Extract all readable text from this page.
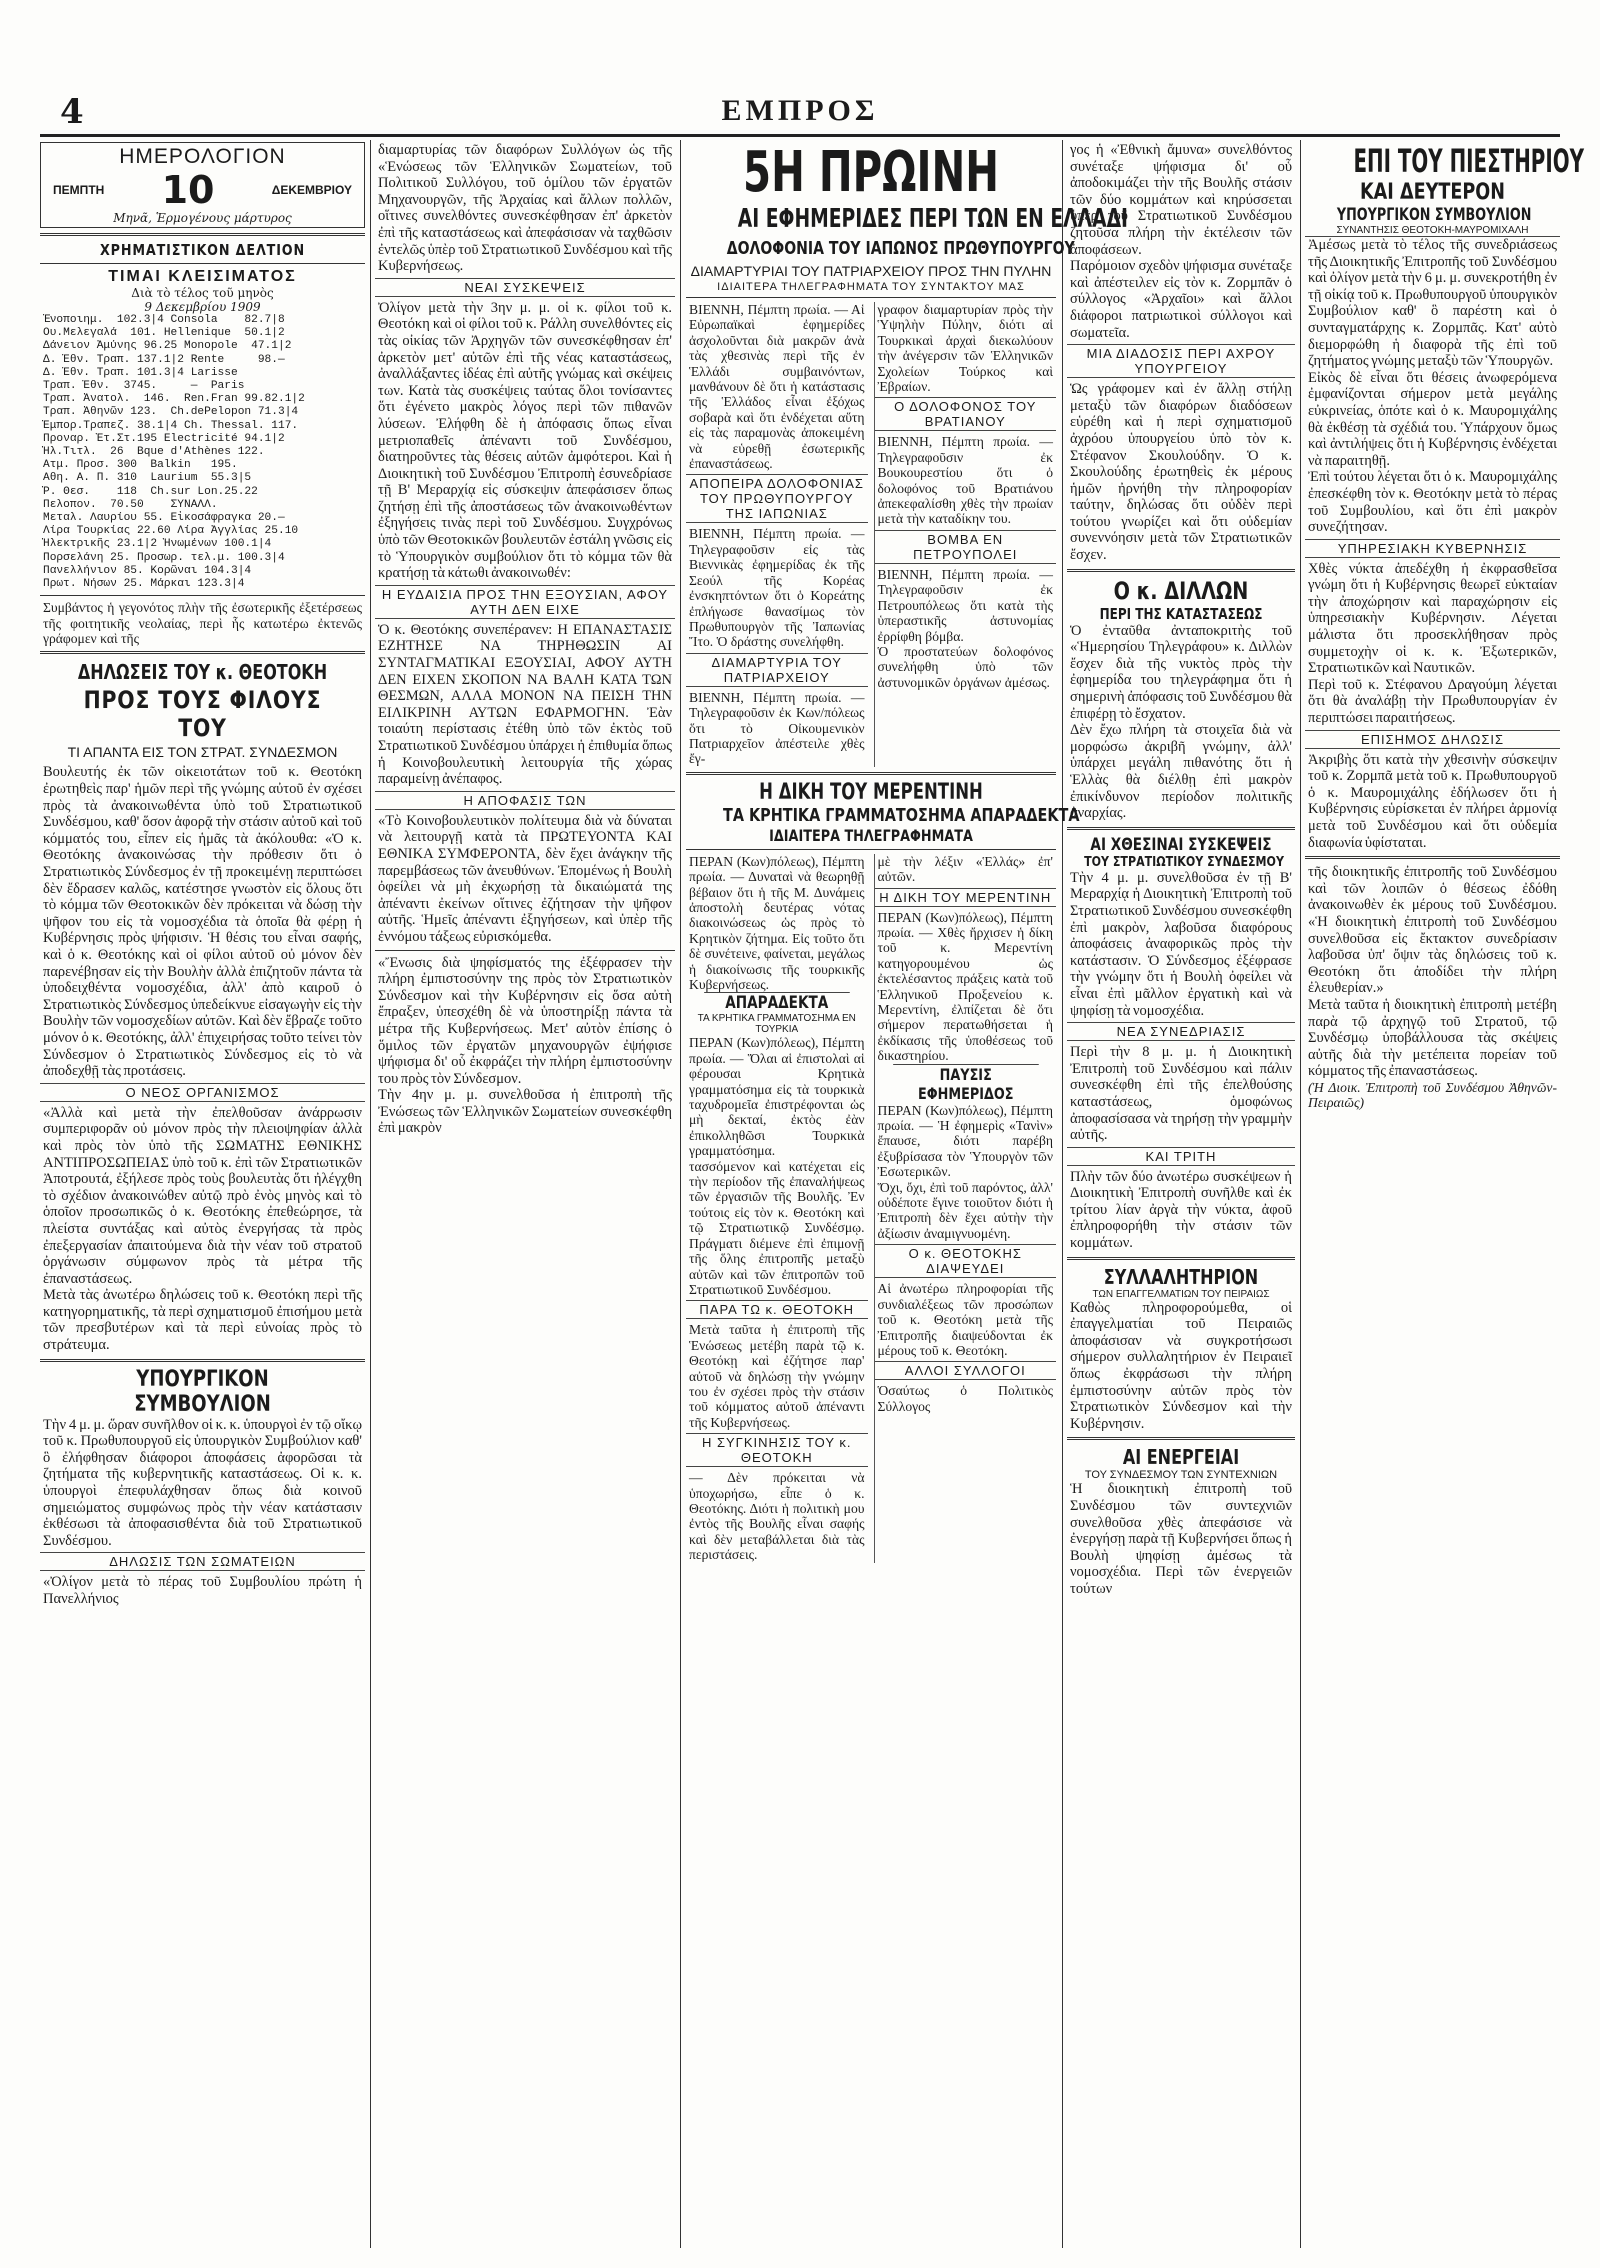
4	ΕΜΠΡΟΣ
ΗΜΕΡΟΛΟΓΙΟΝ
ΠΕΜΠΤΗ 10	ΔΕΚΕΜΒΡΙΟΥ
Μηνᾶ, Ἑρμογένους μάρτυρος
ΧΡΗΜΑΤΙΣΤΙΚΟΝ ΔΕΛΤΙΟΝ
ΤΙΜΑΙ ΚΛΕΙΣΙΜΑΤΟΣ
Διὰ τὸ τέλος τοῦ μηνὸς
9 Δεκεμβρίου 1909
Ἑνοποιημ.  102.3|4 Consola    82.7|8
Ου.Μελεγαλά  101. Hellenique  50.1|2
Δάνειον Ἀμύνης 96.25 Monopole  47.1|2
Δ. Ἐθν. Τραπ. 137.1|2 Rente     98.—
Δ. Ἐθν. Τραπ. 101.3|4 Larisse
Τραπ. Ἐθν.  3745.     —  Paris
Τραπ. Ἀνατολ.  146.  Ren.Fran 99.82.1|2
Τραπ. Ἀθηνῶν 123.  Ch.dePelopon 71.3|4
Ἐμπορ.Τραπεζ. 38.1|4 Ch. Thessal. 117.
Προναρ. Ἐτ.Στ.195 Electricité 94.1|2
Ἡλ.Τιτλ.  26  Bque d'Athènes 122.
Ατμ. Προσ. 300  Balkin   195.
Αθη. Α. Π. 310  Laurium  55.3|5
Ῥ. Θεσ.    118  Ch.sur Lon.25.22
Πελοπον.  70.50    ΣΥΝΑΛΛ.
Μεταλ. Λαυρίου 55. Εἰκοσάφραγκα 20.—
Λίρα Τουρκίας 22.60 Λίρα Ἀγγλίας 25.10
Ἡλεκτρικῆς 23.1|2 Ἡνωμένων 100.1|4
Πορσελάνη 25. Προσωρ. τελ.μ. 100.3|4
Πανελλήνιον 85. Κορῶναι 104.3|4
Πρωτ. Νήσων 25. Μάρκαι 123.3|4

Συμβάντος ἡ γεγονότος πλὴν τῆς ἐσωτερικῆς ἐξετέρσεως τῆς φοιτητικῆς νεολαίας, περὶ ἧς κατωτέρω ἐκτενῶς γράφομεν καὶ τῆς

ΔΗΛΩΣΕΙΣ ΤΟΥ κ. ΘΕΟΤΟΚΗ
ΠΡΟΣ ΤΟΥΣ ΦΙΛΟΥΣ ΤΟΥ
ΤΙ ΑΠΑΝΤΑ ΕΙΣ ΤΟΝ ΣΤΡΑΤ. ΣΥΝΔΕΣΜΟΝ

Βουλευτής ἐκ τῶν οἰκειοτάτων τοῦ κ. Θεοτόκη ἐρωτηθεὶς παρ' ἡμῶν περὶ τῆς γνώμης αὐτοῦ ἐν σχέσει πρὸς τὰ ἀνακοινωθέντα ὑπὸ τοῦ Στρατιωτικοῦ Συνδέσμου, καθ' ὅσον ἀφορᾷ τὴν στάσιν αὐτοῦ καὶ τοῦ κόμματός του, εἶπεν εἰς ἡμᾶς τὰ ἀκόλουθα: «Ὁ κ. Θεοτόκης ἀνακοινώσας τὴν πρόθεσιν ὅτι ὁ Στρατιωτικὸς Σύνδεσμος ἐν τῇ προκειμένῃ περιπτώσει δὲν ἔδρασεν καλῶς, κατέστησε γνωστὸν εἰς ὅλους ὅτι τὸ κόμμα τῶν Θεοτοκικῶν δὲν πρόκειται νὰ δώσῃ τὴν ψῆφον του εἰς τὰ νομοσχέδια τὰ ὁποῖα θὰ φέρῃ ἡ Κυβέρνησις πρὸς ψήφισιν. Ἡ θέσις του εἶναι σαφής, καὶ ὁ κ. Θεοτόκης καὶ οἱ φίλοι αὐτοῦ οὐ μόνον δὲν παρενέβησαν εἰς τὴν Βουλὴν ἀλλὰ ἐπιζητοῦν πάντα τὰ ὑποδειχθέντα νομοσχέδια, ἀλλ' ἀπὸ καιροῦ ὁ Στρατιωτικὸς Σύνδεσμος ὑπεδείκνυε εἰσαγωγὴν εἰς τὴν Βουλὴν τῶν νομοσχεδίων αὐτῶν. Καὶ δὲν ἔβραζε τοῦτο μόνον ὁ κ. Θεοτόκης, ἀλλ' ἐπιχειρήσας τοῦτο τείνει τὸν Σύνδεσμον ὁ Στρατιωτικὸς Σύνδεσμος εἰς τὸ νὰ ἀποδεχθῇ τὰς προτάσεις.

Ο ΝΕΟΣ ΟΡΓΑΝΙΣΜΟΣ

«Ἀλλὰ καὶ μετὰ τὴν ἐπελθοῦσαν ἀνάρρωσιν συμπεριφορᾶν οὐ μόνον πρὸς τὴν πλειοψηφίαν ἀλλὰ καὶ πρὸς τὸν ὑπὸ τῆς ΣΩΜΑΤΗΣ ΕΘΝΙΚΗΣ ΑΝΤΙΠΡΟΣΩΠΕΙΑΣ ὑπὸ τοῦ κ. ἐπὶ τῶν Στρατιωτικῶν Ἀποτρουτά, ἐξήλεσε πρὸς τοὺς βουλευτὰς ὅτι ἠλέγχθη τὸ σχέδιον ἀνακοινώθεν αὐτῷ πρὸ ἐνὸς μηνὸς καὶ τὸ ὁποῖον προσωπικῶς ὁ κ. Θεοτόκης ἐπεθεώρησε, τὰ πλείστα συντάξας καὶ αὐτὸς ἐνεργήσας τὰ πρὸς ἐπεξεργασίαν ἀπαιτούμενα διὰ τὴν νέαν τοῦ στρατοῦ ὀργάνωσιν σύμφωνον πρὸς τὰ μέτρα τῆς ἐπαναστάσεως.

Μετὰ τὰς ἀνωτέρω δηλώσεις τοῦ κ. Θεοτόκη περὶ τῆς κατηγορηματικῆς, τὰ περὶ σχηματισμοῦ ἐπισήμου μετὰ τῶν πρεσβυτέρων καὶ τὰ περὶ εὐνοίας πρὸς τὸ στράτευμα.

ΥΠΟΥΡΓΙΚΟΝ ΣΥΜΒΟΥΛΙΟΝ

Τὴν 4 μ. μ. ὥραν συνῆλθον οἱ κ. κ. ὑπουργοὶ ἐν τῷ οἴκῳ τοῦ κ. Πρωθυπουργοῦ εἰς ὑπουργικὸν Συμβούλιον καθ' ὃ ἐλήφθησαν διάφοροι ἀποφάσεις ἀφορῶσαι τὰ ζητήματα τῆς κυβερνητικῆς καταστάσεως. Οἱ κ. κ. ὑπουργοὶ ἐπεφυλάχθησαν ὅπως διὰ κοινοῦ σημειώματος συμφώνως πρὸς τὴν νέαν κατάστασιν ἐκθέσωσι τὰ ἀποφασισθέντα διὰ τοῦ Στρατιωτικοῦ Συνδέσμου.

ΔΗΛΩΣΙΣ ΤΩΝ ΣΩΜΑΤΕΙΩΝ

«Ὀλίγον μετὰ τὸ πέρας τοῦ Συμβουλίου πρώτη ἡ Πανελλήνιος

διαμαρτυρίας τῶν διαφόρων Συλλόγων ὡς τῆς «Ἑνώσεως τῶν Ἑλληνικῶν Σωματείων, τοῦ Πολιτικοῦ Συλλόγου, τοῦ ὁμίλου τῶν ἐργατῶν Μηχανουργῶν, τῆς Ἀρχαίας καὶ ἄλλων πολλῶν, οἵτινες συνελθόντες συνεσκέφθησαν ἐπ' ἀρκετὸν ἐπὶ τῆς καταστάσεως καὶ ἀπεφάσισαν νὰ ταχθῶσιν ἐντελῶς ὑπὲρ τοῦ Στρατιωτικοῦ Συνδέσμου καὶ τῆς Κυβερνήσεως.

ΝΕΑΙ ΣΥΣΚΕΨΕΙΣ

Ὀλίγον μετὰ τὴν 3ην μ. μ. οἱ κ. φίλοι τοῦ κ. Θεοτόκη καὶ οἱ φίλοι τοῦ κ. Ράλλη συνελθόντες εἰς τὰς οἰκίας τῶν Ἀρχηγῶν τῶν συνεσκέφθησαν ἐπ' ἀρκετὸν μετ' αὐτῶν ἐπὶ τῆς νέας καταστάσεως, ἀναλλάξαντες ἰδέας ἐπὶ αὐτῆς γνώμας καὶ σκέψεις των. Κατὰ τὰς συσκέψεις ταύτας ὅλοι τονίσαντες ὅτι ἐγένετο μακρὸς λόγος περὶ τῶν πιθανῶν λύσεων. Ἐλήφθη δὲ ἡ ἀπόφασις ὅπως εἶναι μετριοπαθεῖς ἀπέναντι τοῦ Συνδέσμου, διατηροῦντες τὰς θέσεις αὐτῶν ἀμφότεροι. Καὶ ἡ Διοικητικὴ τοῦ Συνδέσμου Ἐπιτροπὴ ἐσυνεδρίασε τῇ Β' Μεραρχίᾳ εἰς σύσκεψιν ἀπεφάσισεν ὅπως ζητήσῃ ἐπὶ τῆς ἀποστάσεως τῶν ἀνακοινωθέντων ἐξηγήσεις τινὰς περὶ τοῦ Συνδέσμου. Συγχρόνως ὑπὸ τῶν Θεοτοκικῶν βουλευτῶν ἐστάλη γνῶσις εἰς τὸ Ὑπουργικὸν συμβούλιον ὅτι τὸ κόμμα τῶν θὰ κρατήσῃ τὰ κάτωθι ἀνακοινωθέν:

Η ΕΥΔΑΙΣΙΑ ΠΡΟΣ ΤΗΝ ΕΞΟΥΣΙΑΝ, ΑΦΟΥ ΑΥΤΗ ΔΕΝ ΕΙΧΕ

Ὁ κ. Θεοτόκης συνεπέρανεν: Η ΕΠΑΝΑΣΤΑΣΙΣ ΕΖΗΤΗΣΕ ΝΑ ΤΗΡΗΘΩΣΙΝ ΑΙ ΣΥΝΤΑΓΜΑΤΙΚΑΙ ΕΞΟΥΣΙΑΙ, ΑΦΟΥ ΑΥΤΗ ΔΕΝ ΕΙΧΕΝ ΣΚΟΠΟΝ ΝΑ ΒΑΛΗ ΚΑΤΑ ΤΩΝ ΘΕΣΜΩΝ, ΑΛΛΑ ΜΟΝΟΝ ΝΑ ΠΕΙΣΗ ΤΗΝ ΕΙΛΙΚΡΙΝΗ ΑΥΤΩΝ ΕΦΑΡΜΟΓΗΝ. Ἐὰν τοιαύτη περίστασις ἐτέθη ὑπὸ τῶν ἐκτὸς τοῦ Στρατιωτικοῦ Συνδέσμου ὑπάρχει ἡ ἐπιθυμία ὅπως ἡ Κοινοβουλευτικὴ λειτουργία τῆς χώρας παραμείνῃ ἀνέπαφος.

Η ΑΠΟΦΑΣΙΣ ΤΩΝ

«Τὸ Κοινοβουλευτικὸν πολίτευμα διὰ νὰ δύναται νὰ λειτουργῇ κατὰ τὰ ΠΡΩΤΕΥΟΝΤΑ ΚΑΙ ΕΘΝΙΚΑ ΣΥΜΦΕΡΟΝΤΑ, δὲν ἔχει ἀνάγκην τῆς παρεμβάσεως τῶν ἀνευθύνων. Ἐπομένως ἡ Βουλὴ ὀφείλει νὰ μὴ ἐκχωρήσῃ τὰ δικαιώματά της ἀπέναντι ἐκείνων οἵτινες ἐζήτησαν τὴν ψῆφον αὐτῆς. Ἡμεῖς ἀπέναντι ἐξηγήσεων, καὶ ὑπὲρ τῆς ἐννόμου τάξεως εὐρισκόμεθα.

«Ἔνωσις διὰ ψηφίσματός της ἐξέφρασεν τὴν πλήρη ἐμπιστοσύνην της πρὸς τὸν Στρατιωτικὸν Σύνδεσμον καὶ τὴν Κυβέρνησιν εἰς ὅσα αὐτὴ ἔπραξεν, ὑπεσχέθη δὲ νὰ ὑποστηρίξῃ πάντα τὰ μέτρα τῆς Κυβερνήσεως. Μετ' αὐτὸν ἐπίσης ὁ ὅμιλος τῶν ἐργατῶν μηχανουργῶν ἐψήφισε ψήφισμα δι' οὗ ἐκφράζει τὴν πλήρη ἐμπιστοσύνην του πρὸς τὸν Σύνδεσμον.

Τὴν 4ην μ. μ. συνελθοῦσα ἡ ἐπιτροπὴ τῆς Ἐνώσεως τῶν Ἑλληνικῶν Σωματείων συνεσκέφθη ἐπὶ μακρὸν

5Η ΠΡΩΙΝΗ
ΑΙ ΕΦΗΜΕΡΙΔΕΣ ΠΕΡΙ ΤΩΝ ΕΝ ΕΛΛΑΔΙ
ΔΟΛΟΦΟΝΙΑ ΤΟΥ ΙΑΠΩΝΟΣ ΠΡΩΘΥΠΟΥΡΓΟΥ
ΔΙΑΜΑΡΤΥΡΙΑΙ ΤΟΥ ΠΑΤΡΙΑΡΧΕΙΟΥ ΠΡΟΣ ΤΗΝ ΠΥΛΗΝ
ΙΔΙΑΙΤΕΡΑ ΤΗΛΕΓΡΑΦΗΜΑΤΑ ΤΟΥ ΣΥΝΤΑΚΤΟΥ ΜΑΣ

ΒΙΕΝΝΗ, Πέμπτη πρωία. — Αἱ Εὐρωπαϊκαὶ ἐφημερίδες ἀσχολοῦνται διὰ μακρῶν ἀνὰ τὰς χθεσινὰς περὶ τῆς ἐν Ἑλλάδι συμβαινόντων, μανθάνουν δὲ ὅτι ἡ κατάστασις τῆς Ἑλλάδος εἶναι ἐξόχως σοβαρὰ καὶ ὅτι ἐνδέχεται αὕτη εἰς τὰς παραμονὰς ἀποκειμένη νὰ εὑρεθῇ ἐσωτερικῆς ἐπαναστάσεως.

ΑΠΟΠΕΙΡΑ ΔΟΛΟΦΟΝΙΑΣ ΤΟΥ ΠΡΩΘΥΠΟΥΡΓΟΥ ΤΗΣ ΙΑΠΩΝΙΑΣ

ΒΙΕΝΝΗ, Πέμπτη πρωία. — Τηλεγραφοῦσιν εἰς τὰς Βιεννικὰς ἐφημερίδας ἐκ τῆς Σεούλ τῆς Κορέας ἐνσκηπτόντων ὅτι ὁ Κορεάτης ἐπλήγωσε θανασίμως τὸν Πρωθυπουργὸν τῆς Ἰαπωνίας Ἴτο. Ὁ δράστης συνελήφθη.

ΔΙΑΜΑΡΤΥΡΙΑ ΤΟΥ ΠΑΤΡΙΑΡΧΕΙΟΥ

ΒΙΕΝΝΗ, Πέμπτη πρωία. — Τηλεγραφοῦσιν ἐκ Κων/πόλεως ὅτι τὸ Οἰκουμενικὸν Πατριαρχεῖον ἀπέστειλε χθὲς ἔγ-

γραφον διαμαρτυρίαν πρὸς τὴν Ὑψηλὴν Πύλην, διότι αἱ Τουρκικαὶ ἀρχαὶ διεκωλύουν τὴν ἀνέγερσιν τῶν Ἑλληνικῶν Σχολείων Τούρκος καὶ Ἐβραίων.

Ο ΔΟΛΟΦΟΝΟΣ ΤΟΥ ΒΡΑΤΙΑΝΟΥ

ΒΙΕΝΝΗ, Πέμπτη πρωία. — Τηλεγραφοῦσιν ἐκ Βουκουρεστίου ὅτι ὁ δολοφόνος τοῦ Βρατιάνου ἀπεκεφαλίσθη χθὲς τὴν πρωίαν μετὰ τὴν καταδίκην του.

ΒΟΜΒΑ ΕΝ ΠΕΤΡΟΥΠΟΛΕΙ

ΒΙΕΝΝΗ, Πέμπτη πρωία. — Τηλεγραφοῦσιν ἐκ Πετρουπόλεως ὅτι κατὰ τὴς ὑπεραστικῆς ἀστυνομίας ἐρρίφθη βόμβα.

Ὁ προστατεύων δολοφόνος συνελήφθη ὑπὸ τῶν ἀστυνομικῶν ὀργάνων ἀμέσως.

Η ΔΙΚΗ ΤΟΥ ΜΕΡΕΝΤΙΝΗ
ΤΑ ΚΡΗΤΙΚΑ ΓΡΑΜΜΑΤΟΣΗΜΑ ΑΠΑΡΑΔΕΚΤΑ
ΙΔΙΑΙΤΕΡΑ ΤΗΛΕΓΡΑΦΗΜΑΤΑ

ΠΕΡΑΝ (Κων)πόλεως), Πέμπτη πρωία. — Δυναταὶ νὰ θεωρηθῇ βέβαιον ὅτι ἡ τῆς Μ. Δυνάμεις ἀποστολὴ δευτέρας νότας διακοινώσεως ὡς πρὸς τὸ Κρητικὸν ζήτημα. Εἰς τοῦτο ὅτι δὲ συνέτεινε, φαίνεται, μεγάλως ἡ διακοίνωσις τῆς τουρκικῆς Κυβερνήσεως.

ΑΠΑΡΑΔΕΚΤΑ
ΤΑ ΚΡΗΤΙΚΑ ΓΡΑΜΜΑΤΟΣΗΜΑ ΕΝ ΤΟΥΡΚΙΑ

ΠΕΡΑΝ (Κων)πόλεως), Πέμπτη πρωία. — Ὅλαι αἱ ἐπιστολαὶ αἱ φέρουσαι Κρητικὰ γραμματόσημα εἰς τὰ τουρκικὰ ταχυδρομεῖα ἐπιστρέφονται ὡς μὴ δεκταί, ἐκτὸς ἐὰν ἐπικολληθῶσι Τουρκικὰ γραμματόσημα.

τασσόμενον καὶ κατέχεται εἰς τὴν περίοδον τῆς ἐπαναλήψεως τῶν ἐργασιῶν τῆς Βουλῆς. Ἐν τούτοις εἰς τὸν κ. Θεοτόκη καὶ τῷ Στρατιωτικῷ Συνδέσμῳ. Πράγματι διέμενε ἐπὶ ἐπιμονῇ τῆς ὅλης ἐπιτροπῆς μεταξὺ αὐτῶν καὶ τῶν ἐπιτροπῶν τοῦ Στρατιωτικοῦ Συνδέσμου.

ΠΑΡΑ ΤΩ κ. ΘΕΟΤΟΚΗ

Μετὰ ταῦτα ἡ ἐπιτροπὴ τῆς Ἑνώσεως μετέβη παρὰ τῷ κ. Θεοτόκῃ καὶ ἐζήτησε παρ' αὐτοῦ νὰ δηλώσῃ τὴν γνώμην του ἐν σχέσει πρὸς τὴν στάσιν τοῦ κόμματος αὐτοῦ ἀπέναντι τῆς Κυβερνήσεως.

Η ΣΥΓΚΙΝΗΣΙΣ ΤΟΥ κ. ΘΕΟΤΟΚΗ

— Δὲν πρόκειται νὰ ὑποχωρήσω, εἶπε ὁ κ. Θεοτόκης. Διότι ἡ πολιτικὴ μου ἐντὸς τῆς Βουλῆς εἶναι σαφής καὶ δὲν μεταβάλλεται διὰ τὰς περιστάσεις.

μὲ τὴν λέξιν «Ἑλλάς» ἐπ' αὐτῶν.

Η ΔΙΚΗ ΤΟΥ ΜΕΡΕΝΤΙΝΗ

ΠΕΡΑΝ (Κων)πόλεως), Πέμπτη πρωία. — Χθὲς ἤρχισεν ἡ δίκη τοῦ κ. Μερεντίνη κατηγορουμένου ὡς ἐκτελέσαντος πράξεις κατὰ τοῦ Ἑλληνικοῦ Προξενείου κ. Μερεντίνη, ἐλπίζεται δὲ ὅτι σήμερον περατωθήσεται ἡ ἐκδίκασις τῆς ὑποθέσεως τοῦ δικαστηρίου.

ΠΑΥΣΙΣ ΕΦΗΜΕΡΙΔΟΣ

ΠΕΡΑΝ (Κων)πόλεως), Πέμπτη πρωία. — Ἡ ἐφημερὶς «Τανὶν» ἔπαυσε, διότι παρέβη ἐξυβρίσασα τὸν Ὑπουργὸν τῶν Ἐσωτερικῶν.

Ὅχι, ὄχι, ἐπὶ τοῦ παρόντος, ἀλλ' οὐδέποτε ἔγινε τοιοῦτον διότι ἡ Ἐπιτροπὴ δὲν ἔχει αὐτὴν τὴν ἀξίωσιν ἀναμιγνυομένη.

Ο κ. ΘΕΟΤΟΚΗΣ ΔΙΑΨΕΥΔΕΙ

Αἱ ἀνωτέρω πληροφορίαι τῆς συνδιαλέξεως τῶν προσώπων τοῦ κ. Θεοτόκη μετὰ τῆς Ἐπιτροπῆς διαψεύδονται ἐκ μέρους τοῦ κ. Θεοτόκη.

ΑΛΛΟΙ ΣΥΛΛΟΓΟΙ

Ὁσαύτως ὁ Πολιτικὸς Σύλλογος

γος ἡ «Ἐθνικὴ ἄμυνα» συνελθόντος συνέταξε ψήφισμα δι' οὗ ἀποδοκιμάζει τὴν τῆς Βουλῆς στάσιν τῶν δύο κομμάτων καὶ κηρύσσεται ὑπὲρ τοῦ Στρατιωτικοῦ Συνδέσμου ζητοῦσα πλήρη τὴν ἐκτέλεσιν τῶν ἀποφάσεων.

Παρόμοιον σχεδὸν ψήφισμα συνέταξε καὶ ἀπέστειλεν εἰς τὸν κ. Ζορμπᾶν ὁ σύλλογος «Ἀρχαῖοι» καὶ ἄλλοι διάφοροι πατριωτικοὶ σύλλογοι καὶ σωματεῖα.

ΜΙΑ ΔΙΑΔΟΣΙΣ ΠΕΡΙ ΑΧΡΟΥ ΥΠΟΥΡΓΕΙΟΥ

Ὡς γράφομεν καὶ ἐν ἄλλῃ στήλῃ μεταξὺ τῶν διαφόρων διαδόσεων εὑρέθη καὶ ἡ περὶ σχηματισμοῦ ἀχρόου ὑπουργείου ὑπὸ τὸν κ. Στέφανον Σκουλούδην. Ὁ κ. Σκουλούδης ἐρωτηθεὶς ἐκ μέρους ἡμῶν ἠρνήθη τὴν πληροφορίαν ταύτην, δηλώσας ὅτι οὐδὲν περὶ τούτου γνωρίζει καὶ ὅτι οὐδεμίαν συνεννόησιν μετὰ τῶν Στρατιωτικῶν ἔσχεν.

Ο κ. ΔΙΛΛΩΝ
ΠΕΡΙ ΤΗΣ ΚΑΤΑΣΤΑΣΕΩΣ

Ὁ ἐνταῦθα ἀνταποκριτὴς τοῦ «Ἡμερησίου Τηλεγράφου» κ. Διλλὼν ἔσχεν διὰ τῆς νυκτὸς πρὸς τὴν ἐφημερίδα του τηλεγράφημα ὅτι ἡ σημερινὴ ἀπόφασις τοῦ Συνδέσμου θὰ ἐπιφέρῃ τὸ ἔσχατον.

Δὲν ἔχω πλήρη τὰ στοιχεῖα διὰ νὰ μορφώσω ἀκριβῆ γνώμην, ἀλλ' ὑπάρχει μεγάλη πιθανότης ὅτι ἡ Ἑλλὰς θὰ διέλθῃ ἐπὶ μακρὸν ἐπικίνδυνον περίοδον πολιτικῆς ἀναρχίας.

ΑΙ ΧΘΕΣΙΝΑΙ ΣΥΣΚΕΨΕΙΣ
ΤΟΥ ΣΤΡΑΤΙΩΤΙΚΟΥ ΣΥΝΔΕΣΜΟΥ

Τὴν 4 μ. μ. συνελθοῦσα ἐν τῇ Β' Μεραρχίᾳ ἡ Διοικητικὴ Ἐπιτροπὴ τοῦ Στρατιωτικοῦ Συνδέσμου συνεσκέφθη ἐπὶ μακρὸν, λαβοῦσα διαφόρους ἀποφάσεις ἀναφορικῶς πρὸς τὴν κατάστασιν. Ὁ Σύνδεσμος ἐξέφρασε τὴν γνώμην ὅτι ἡ Βουλὴ ὀφείλει νὰ εἶναι ἐπὶ μᾶλλον ἐργατικὴ καὶ νὰ ψηφίσῃ τὰ νομοσχέδια.

ΝΕΑ ΣΥΝΕΔΡΙΑΣΙΣ

Περὶ τὴν 8 μ. μ. ἡ Διοικητικὴ Ἐπιτροπὴ τοῦ Συνδέσμου καὶ πάλιν συνεσκέφθη ἐπὶ τῆς ἐπελθούσης καταστάσεως, ὁμοφώνως ἀποφασίσασα νὰ τηρήσῃ τὴν γραμμὴν αὐτῆς.

ΚΑΙ ΤΡΙΤΗ

Πλὴν τῶν δύο ἀνωτέρω συσκέψεων ἡ Διοικητικὴ Ἐπιτροπὴ συνῆλθε καὶ ἐκ τρίτου λίαν ἀργὰ τὴν νύκτα, ἀφοῦ ἐπληροφορήθη τὴν στάσιν τῶν κομμάτων.

ΣΥΛΛΑΛΗΤΗΡΙΟΝ
ΤΩΝ ΕΠΑΓΓΕΛΜΑΤΙΩΝ ΤΟΥ ΠΕΙΡΑΙΩΣ

Καθὼς πληροφορούμεθα, οἱ ἐπαγγελματίαι τοῦ Πειραιῶς ἀποφάσισαν νὰ συγκροτήσωσι σήμερον συλλαλητήριον ἐν Πειραιεῖ ὅπως ἐκφράσωσι τὴν πλήρη ἐμπιστοσύνην αὐτῶν πρὸς τὸν Στρατιωτικὸν Σύνδεσμον καὶ τὴν Κυβέρνησιν.

ΑΙ ΕΝΕΡΓΕΙΑΙ
ΤΟΥ ΣΥΝΔΕΣΜΟΥ ΤΩΝ ΣΥΝΤΕΧΝΙΩΝ

Ἡ διοικητικὴ ἐπιτροπὴ τοῦ Συνδέσμου τῶν συντεχνιῶν συνελθοῦσα χθὲς ἀπεφάσισε νὰ ἐνεργήσῃ παρὰ τῇ Κυβερνήσει ὅπως ἡ Βουλὴ ψηφίσῃ ἀμέσως τὰ νομοσχέδια. Περὶ τῶν ἐνεργειῶν τούτων

ΕΠΙ ΤΟΥ ΠΙΕΣΤΗΡΙΟΥ
ΚΑΙ ΔΕΥΤΕΡΟΝ
ΥΠΟΥΡΓΙΚΟΝ ΣΥΜΒΟΥΛΙΟΝ
ΣΥΝΑΝΤΗΣΙΣ ΘΕΟΤΟΚΗ-ΜΑΥΡΟΜΙΧΑΛΗ

Ἀμέσως μετὰ τὸ τέλος τῆς συνεδριάσεως τῆς Διοικητικῆς Ἐπιτροπῆς τοῦ Συνδέσμου καὶ ὀλίγον μετὰ τὴν 6 μ. μ. συνεκροτήθη ἐν τῇ οἰκίᾳ τοῦ κ. Πρωθυπουργοῦ ὑπουργικὸν Συμβούλιον καθ' ὃ παρέστη καὶ ὁ συνταγματάρχης κ. Ζορμπᾶς. Κατ' αὐτὸ διεμορφώθη ἡ διαφορὰ τῆς ἐπὶ τοῦ ζητήματος γνώμης μεταξὺ τῶν Ὑπουργῶν.

Εἰκὸς δὲ εἶναι ὅτι θέσεις ἀνωφερόμενα ἐμφανίζονται σήμερον μετὰ μεγάλης εὐκρινείας, ὁπότε καὶ ὁ κ. Μαυρομιχάλης θὰ ἐκθέσῃ τὰ σχέδιά του. Ὑπάρχουν ὅμως καὶ ἀντιλήψεις ὅτι ἡ Κυβέρνησις ἐνδέχεται νὰ παραιτηθῇ.

Ἐπὶ τούτου λέγεται ὅτι ὁ κ. Μαυρομιχάλης ἐπεσκέφθη τὸν κ. Θεοτόκην μετὰ τὸ πέρας τοῦ Συμβουλίου, καὶ ὅτι ἐπὶ μακρὸν συνεζήτησαν.

ΥΠΗΡΕΣΙΑΚΗ ΚΥΒΕΡΝΗΣΙΣ

Χθὲς νύκτα ἀπεδέχθη ἡ ἐκφρασθεῖσα γνώμη ὅτι ἡ Κυβέρνησις θεωρεῖ εὐκταίαν τὴν ἀποχώρησιν καὶ παραχώρησιν εἰς ὑπηρεσιακὴν Κυβέρνησιν. Λέγεται μάλιστα ὅτι προσεκλήθησαν πρὸς συμμετοχὴν οἱ κ. κ. Ἐξωτερικῶν, Στρατιωτικῶν καὶ Ναυτικῶν.

Περὶ τοῦ κ. Στέφανου Δραγούμη λέγεται ὅτι θὰ ἀναλάβῃ τὴν Πρωθυπουργίαν ἐν περιπτώσει παραιτήσεως.

ΕΠΙΣΗΜΟΣ ΔΗΛΩΣΙΣ

Ἀκριβὴς ὅτι κατὰ τὴν χθεσινὴν σύσκεψιν τοῦ κ. Ζορμπᾶ μετὰ τοῦ κ. Πρωθυπουργοῦ ὁ κ. Μαυρομιχάλης ἐδήλωσεν ὅτι ἡ Κυβέρνησις εὑρίσκεται ἐν πλήρει ἀρμονίᾳ μετὰ τοῦ Συνδέσμου καὶ ὅτι οὐδεμία διαφωνία ὑφίσταται.

τῆς διοικητικῆς ἐπιτροπῆς τοῦ Συνδέσμου καὶ τῶν λοιπῶν ὁ θέσεως ἐδόθη ἀνακοινωθὲν ἐκ μέρους τοῦ Συνδέσμου. «Ἡ διοικητικὴ ἐπιτροπὴ τοῦ Συνδέσμου συνελθοῦσα εἰς ἔκτακτον συνεδρίασιν λαβοῦσα ὑπ' ὄψιν τὰς δηλώσεις τοῦ κ. Θεοτόκη ὅτι ἀποδίδει τὴν πλήρη ἐλευθερίαν.»

Μετὰ ταῦτα ἡ διοικητικὴ ἐπιτροπὴ μετέβη παρὰ τῷ ἀρχηγῷ τοῦ Στρατοῦ, τῷ Συνδέσμῳ ὑποβάλλουσα τὰς σκέψεις αὐτῆς διὰ τὴν μετέπειτα πορείαν τοῦ κόμματος τῆς ἐπαναστάσεως.

(Ἡ Διοικ. Ἐπιτροπὴ τοῦ Συνδέσμου Ἀθηνῶν-Πειραιῶς)
